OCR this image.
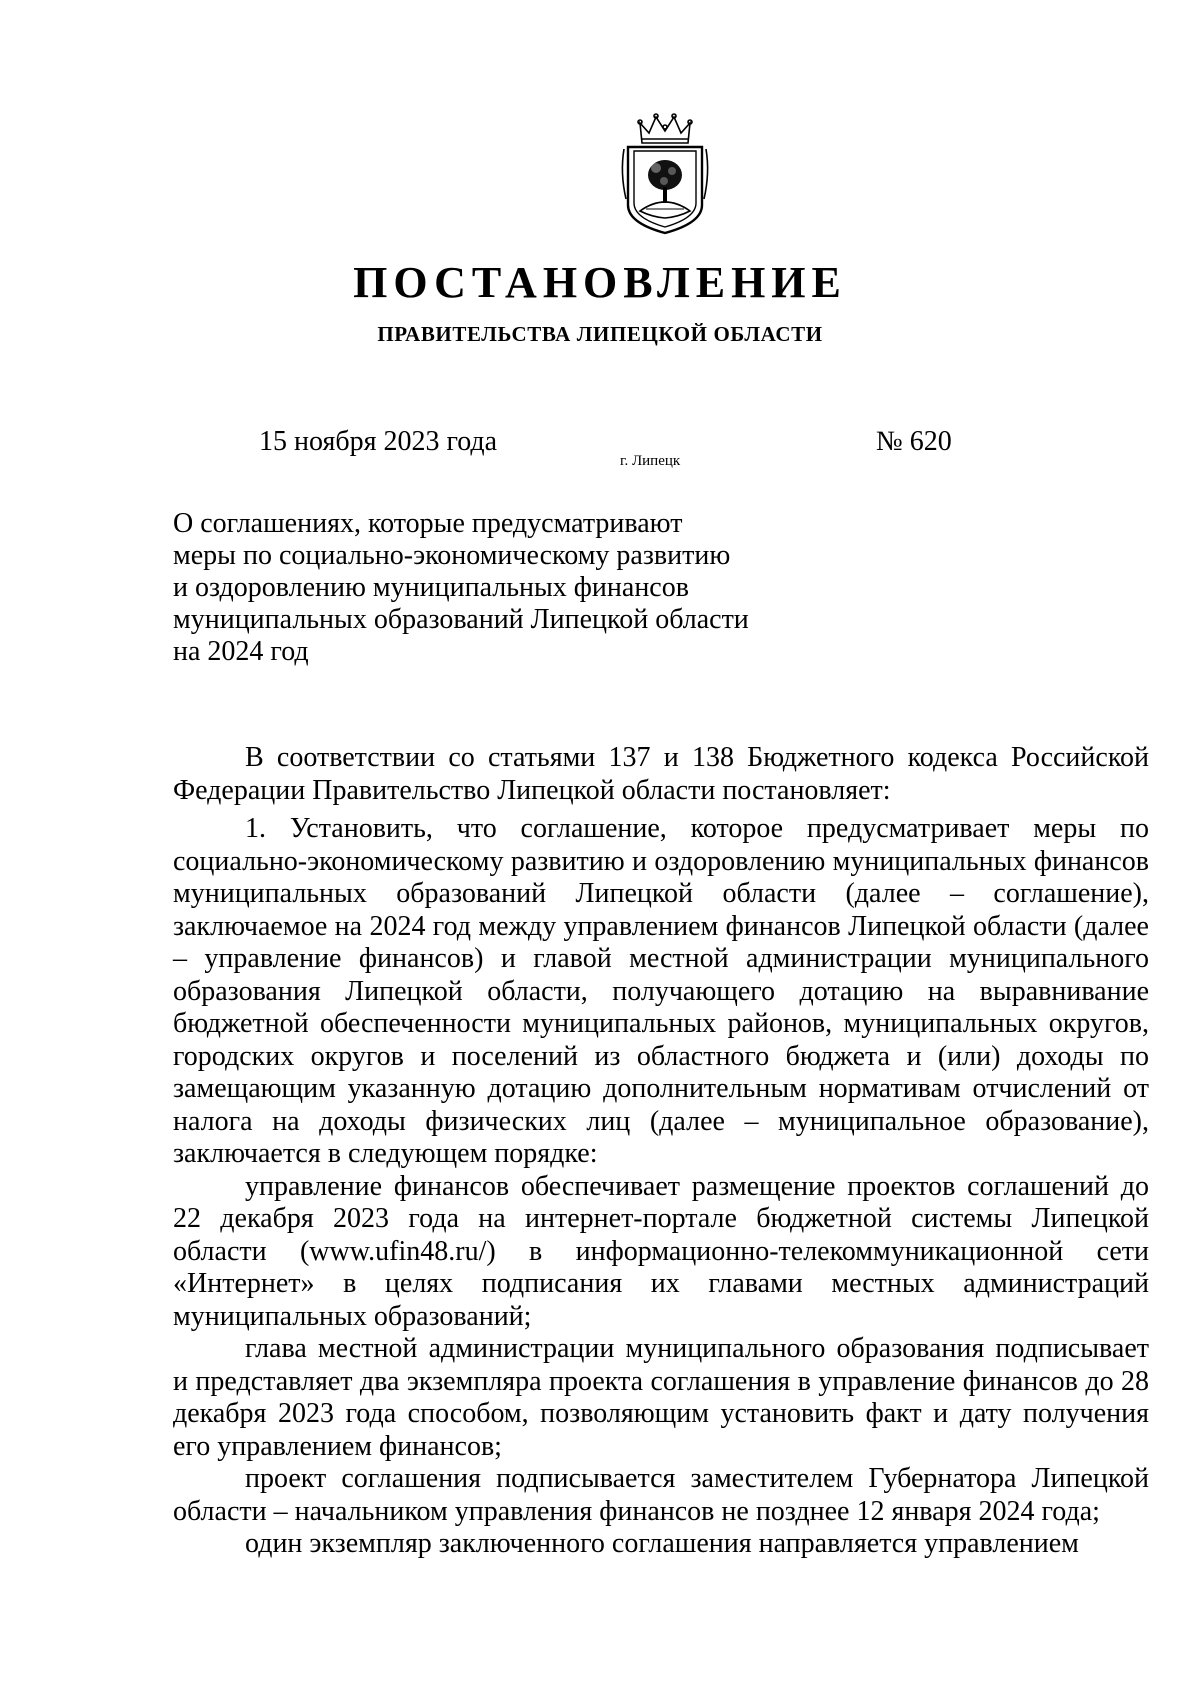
ПОСТАНОВЛЕНИЕ
ПРАВИТЕЛЬСТВА ЛИПЕЦКОЙ ОБЛАСТИ
15 ноября 2023 года
г. Липецк
№ 620
О соглашениях, которые предусматривают
меры по социально-экономическому развитию
и оздоровлению муниципальных финансов
муниципальных образований Липецкой области
на 2024 год

В соответствии со статьями 137 и 138 Бюджетного кодекса Российской Федерации Правительство Липецкой области постановляет:

1. Установить, что соглашение, которое предусматривает меры по социально-экономическому развитию и оздоровлению муниципальных финансов муниципальных образований Липецкой области (далее – соглашение), заключаемое на 2024 год между управлением финансов Липецкой области (далее – управление финансов) и главой местной администрации муниципального образования Липецкой области, получающего дотацию на выравнивание бюджетной обеспеченности муниципальных районов, муниципальных округов, городских округов и поселений из областного бюджета и (или) доходы по замещающим указанную дотацию дополнительным нормативам отчислений от налога на доходы физических лиц (далее – муниципальное образование), заключается в следующем порядке:

управление финансов обеспечивает размещение проектов соглашений до 22 декабря 2023 года на интернет-портале бюджетной системы Липецкой области (www.ufin48.ru/) в информационно-телекоммуникационной сети «Интернет» в целях подписания их главами местных администраций муниципальных образований;

глава местной администрации муниципального образования подписывает и представляет два экземпляра проекта соглашения в управление финансов до 28 декабря 2023 года способом, позволяющим установить факт и дату получения его управлением финансов;

проект соглашения подписывается заместителем Губернатора Липецкой области – начальником управления финансов не позднее 12 января 2024 года;

один экземпляр заключенного соглашения направляется управлением
